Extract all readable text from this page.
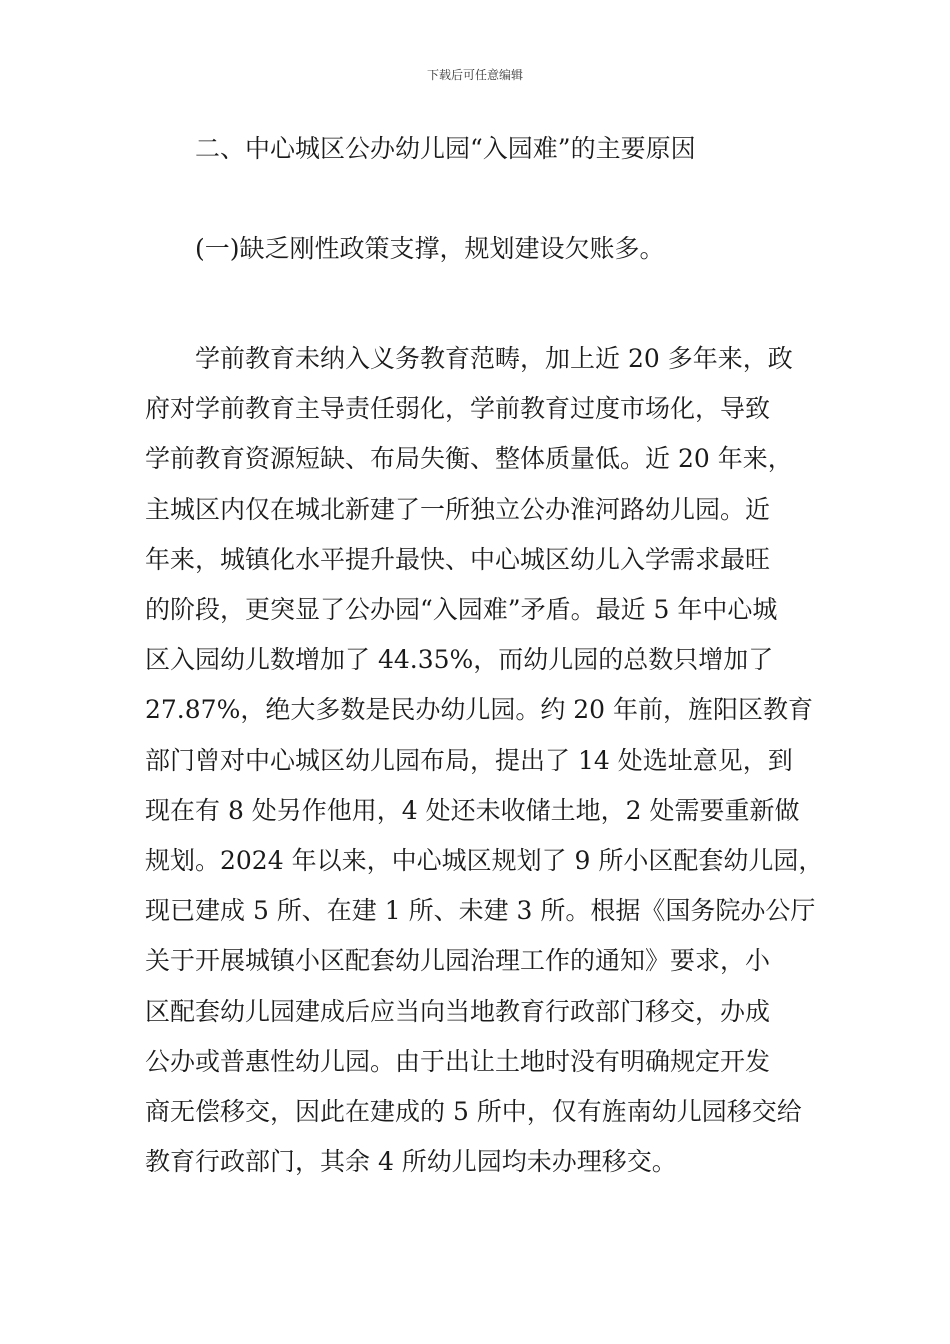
下载后可任意编辑
二、中心城区公办幼儿园“入园难”的主要原因
(一)缺乏刚性政策支撑，规划建设欠账多。
　　学前教育未纳入义务教育范畴，加上近 20 多年来，政
府对学前教育主导责任弱化，学前教育过度市场化，导致
学前教育资源短缺、布局失衡、整体质量低。近 20 年来，
主城区内仅在城北新建了一所独立公办淮河路幼儿园。近
年来，城镇化水平提升最快、中心城区幼儿入学需求最旺
的阶段，更突显了公办园“入园难”矛盾。最近 5 年中心城
区入园幼儿数增加了 44.35%，而幼儿园的总数只增加了
27.87%，绝大多数是民办幼儿园。约 20 年前，旌阳区教育
部门曾对中心城区幼儿园布局，提出了 14 处选址意见，到
现在有 8 处另作他用，4 处还未收储土地，2 处需要重新做
规划。2024 年以来，中心城区规划了 9 所小区配套幼儿园，
现已建成 5 所、在建 1 所、未建 3 所。根据《国务院办公厅
关于开展城镇小区配套幼儿园治理工作的通知》要求，小
区配套幼儿园建成后应当向当地教育行政部门移交，办成
公办或普惠性幼儿园。由于出让土地时没有明确规定开发
商无偿移交，因此在建成的 5 所中，仅有旌南幼儿园移交给
教育行政部门，其余 4 所幼儿园均未办理移交。
